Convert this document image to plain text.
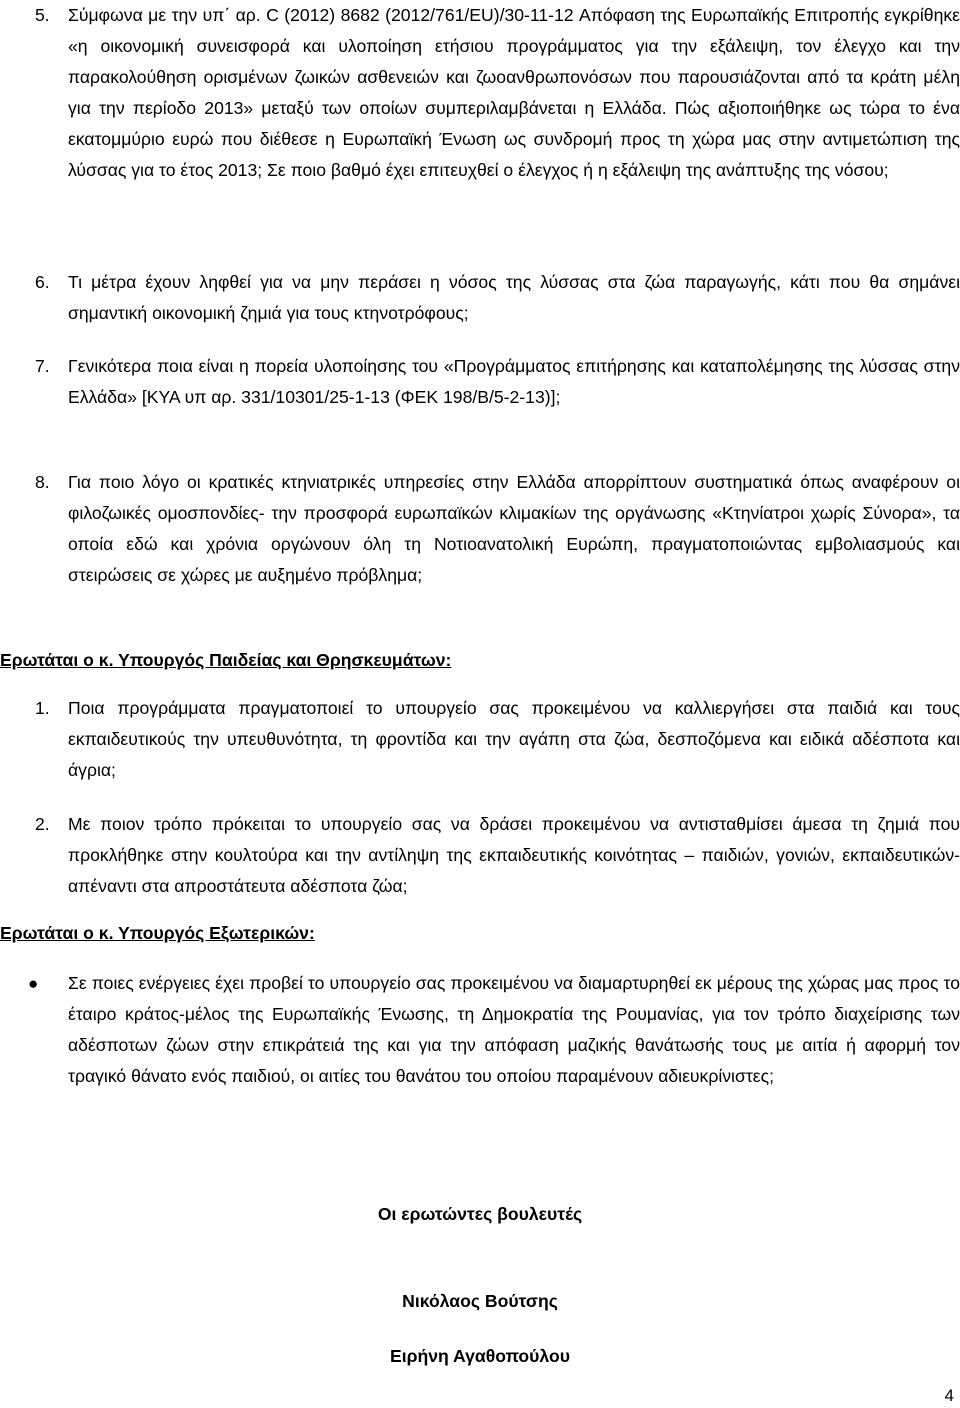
5. Σύμφωνα με την υπ΄ αρ. C (2012) 8682 (2012/761/EU)/30-11-12 Απόφαση της Ευρωπαϊκής Επιτροπής εγκρίθηκε «η οικονομική συνεισφορά και υλοποίηση ετήσιου προγράμματος για την εξάλειψη, τον έλεγχο και την παρακολούθηση ορισμένων ζωικών ασθενειών και ζωοανθρωπονόσων που παρουσιάζονται από τα κράτη μέλη για την περίοδο 2013» μεταξύ των οποίων συμπεριλαμβάνεται η Ελλάδα. Πώς αξιοποιήθηκε ως τώρα το ένα εκατομμύριο ευρώ που διέθεσε η Ευρωπαϊκή Ένωση ως συνδρομή προς τη χώρα μας στην αντιμετώπιση της λύσσας για το έτος 2013; Σε ποιο βαθμό έχει επιτευχθεί ο έλεγχος ή η εξάλειψη της ανάπτυξης της νόσου;
6. Τι μέτρα έχουν ληφθεί για να μην περάσει η νόσος της λύσσας στα ζώα παραγωγής, κάτι που θα σημάνει σημαντική οικονομική ζημιά για τους κτηνοτρόφους;
7. Γενικότερα ποια είναι η πορεία υλοποίησης του «Προγράμματος επιτήρησης και καταπολέμησης της λύσσας στην Ελλάδα» [ΚΥΑ υπ αρ. 331/10301/25-1-13 (ΦΕΚ 198/Β/5-2-13)];
8. Για ποιο λόγο οι κρατικές κτηνιατρικές υπηρεσίες στην Ελλάδα απορρίπτουν συστηματικά όπως αναφέρουν οι φιλοζωικές ομοσπονδίες- την προσφορά ευρωπαϊκών κλιμακίων της οργάνωσης «Κτηνίατροι χωρίς Σύνορα», τα οποία εδώ και χρόνια οργώνουν όλη τη Νοτιοανατολική Ευρώπη, πραγματοποιώντας εμβολιασμούς και στειρώσεις σε χώρες με αυξημένο πρόβλημα;
Ερωτάται ο κ. Υπουργός Παιδείας και Θρησκευμάτων:
1. Ποια προγράμματα πραγματοποιεί το υπουργείο σας προκειμένου να καλλιεργήσει στα παιδιά και τους εκπαιδευτικούς την υπευθυνότητα, τη φροντίδα και την αγάπη στα ζώα, δεσποζόμενα και ειδικά αδέσποτα και άγρια;
2. Με ποιον τρόπο πρόκειται το υπουργείο σας να δράσει προκειμένου να αντισταθμίσει άμεσα τη ζημιά που προκλήθηκε στην κουλτούρα και την αντίληψη της εκπαιδευτικής κοινότητας – παιδιών, γονιών, εκπαιδευτικών- απέναντι στα απροστάτευτα αδέσποτα ζώα;
Ερωτάται ο κ. Υπουργός Εξωτερικών:
● Σε ποιες ενέργειες έχει προβεί το υπουργείο σας προκειμένου να διαμαρτυρηθεί εκ μέρους της χώρας μας προς το έταιρο κράτος-μέλος της Ευρωπαϊκής Ένωσης, τη Δημοκρατία της Ρουμανίας, για τον τρόπο διαχείρισης των αδέσποτων ζώων στην επικράτειά της και για την απόφαση μαζικής θανάτωσής τους με αιτία ή αφορμή τον τραγικό θάνατο ενός παιδιού, οι αιτίες του θανάτου του οποίου παραμένουν αδιευκρίνιστες;
Οι ερωτώντες βουλευτές
Νικόλαος Βούτσης
Ειρήνη Αγαθοπούλου
4
